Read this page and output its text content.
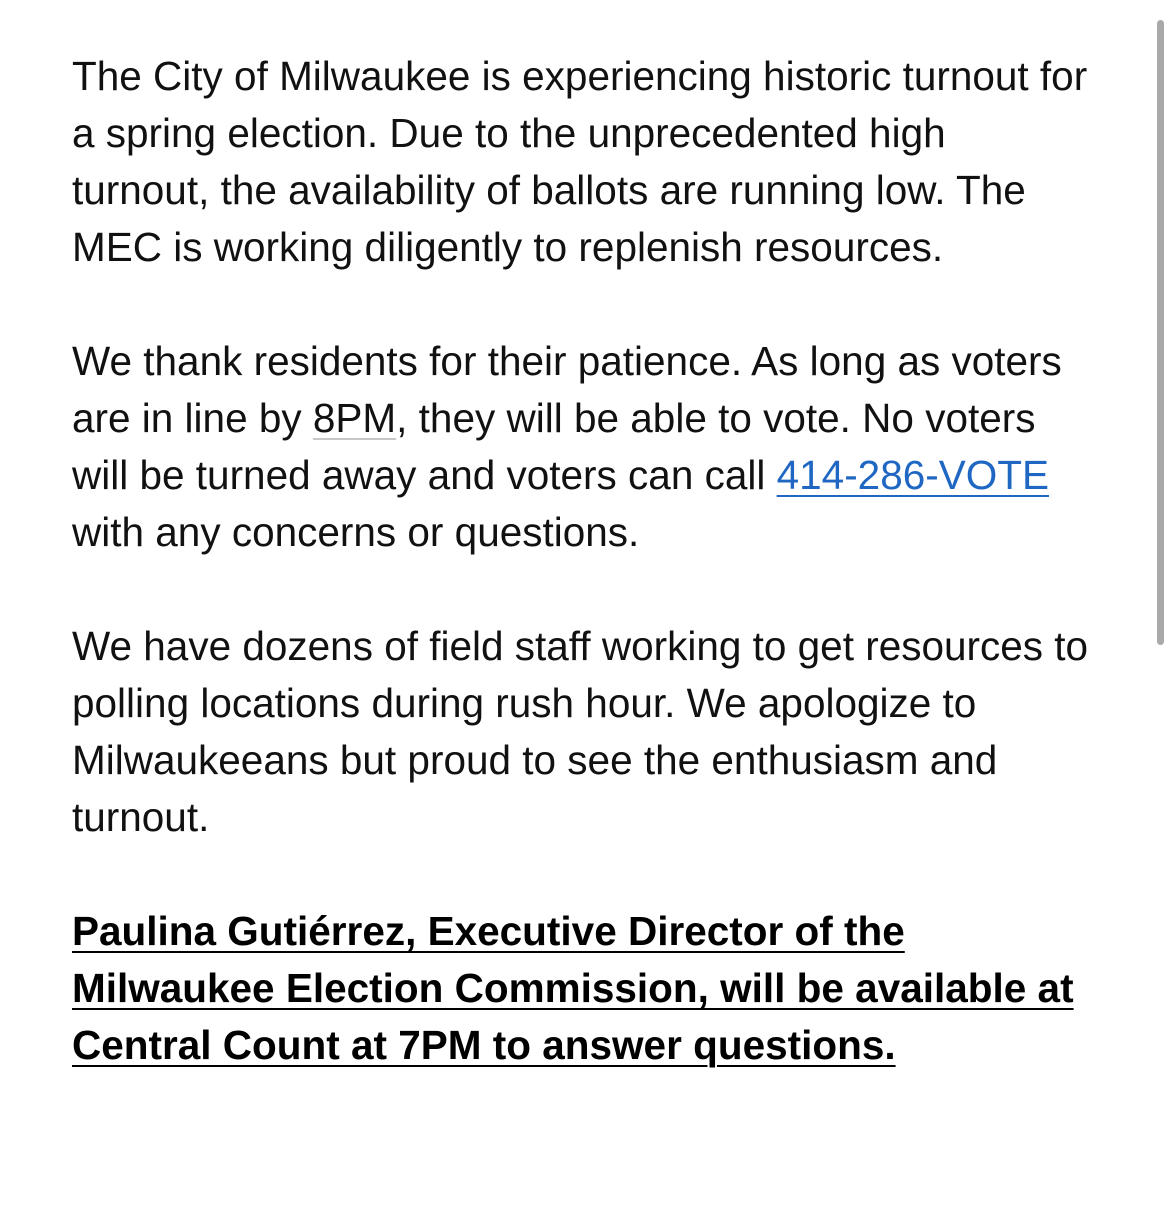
The City of Milwaukee is experiencing historic turnout for a spring election. Due to the unprecedented high turnout, the availability of ballots are running low. The MEC is working diligently to replenish resources.

We thank residents for their patience. As long as voters are in line by 8PM, they will be able to vote. No voters will be turned away and voters can call 414-286-VOTE with any concerns or questions.

We have dozens of field staff working to get resources to polling locations during rush hour. We apologize to Milwaukeeans but proud to see the enthusiasm and turnout.

Paulina Gutiérrez, Executive Director of the Milwaukee Election Commission, will be available at Central Count at 7PM to answer questions.
